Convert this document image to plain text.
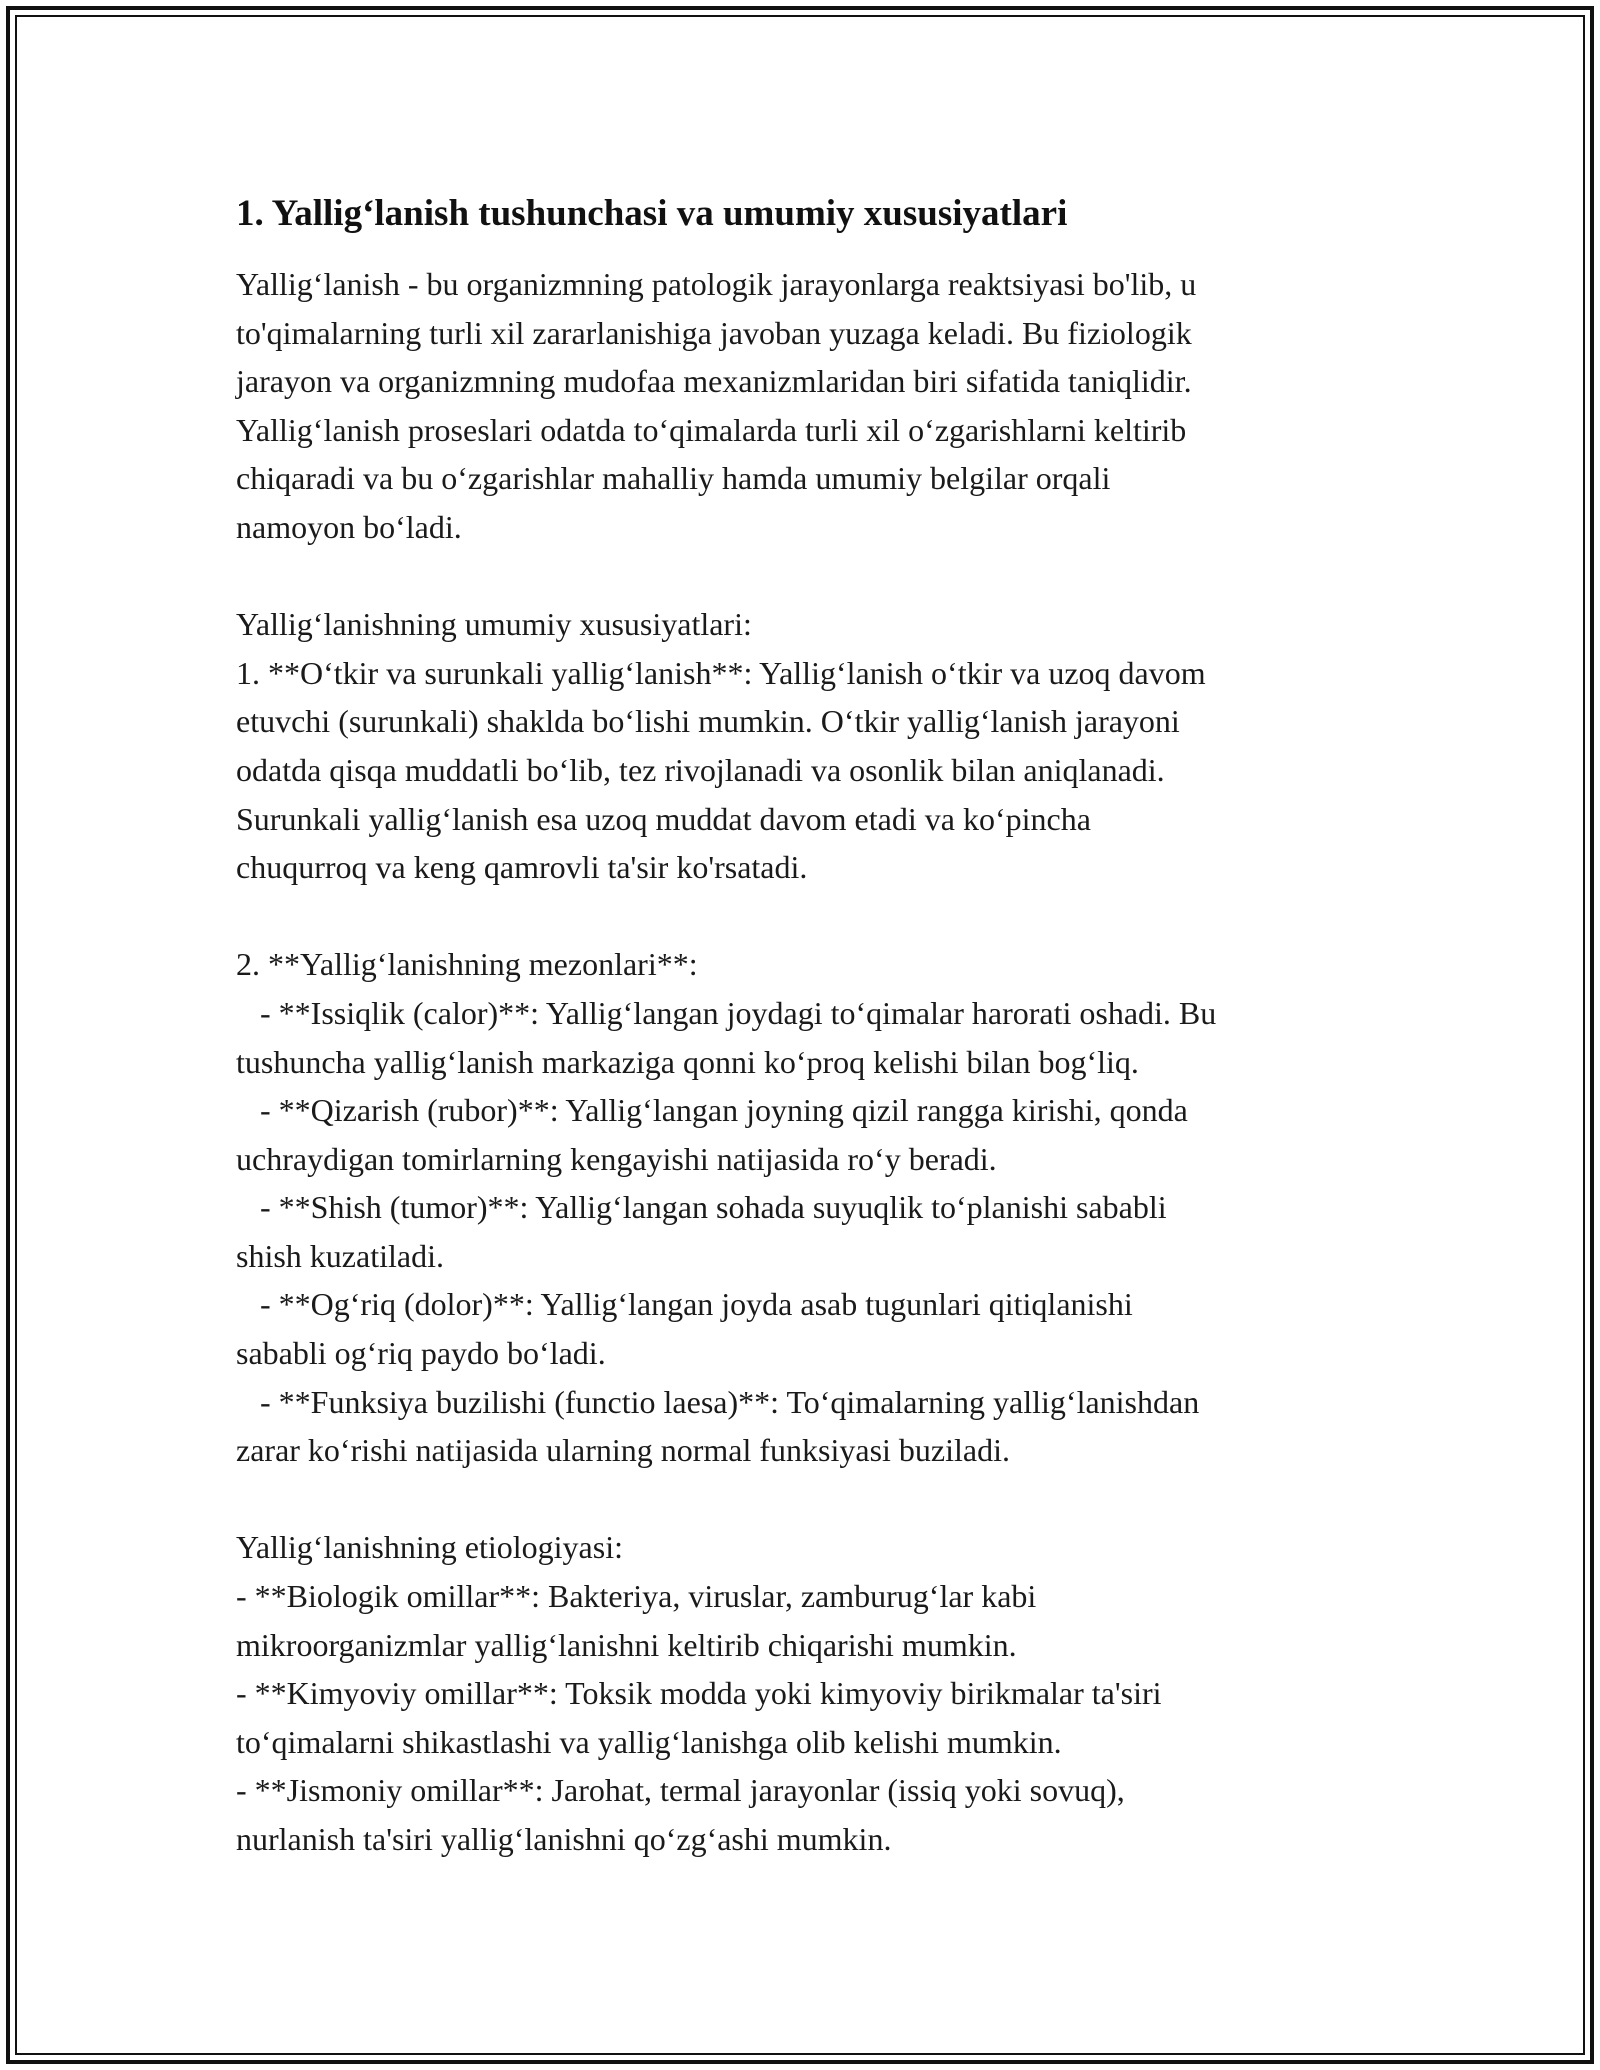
1. Yallig‘lanish tushunchasi va umumiy xususiyatlari
Yallig‘lanish - bu organizmning patologik jarayonlarga reaktsiyasi bo'lib, u
to'qimalarning turli xil zararlanishiga javoban yuzaga keladi. Bu fiziologik
jarayon va organizmning mudofaa mexanizmlaridan biri sifatida taniqlidir.
Yallig‘lanish proseslari odatda to‘qimalarda turli xil o‘zgarishlarni keltirib
chiqaradi va bu o‘zgarishlar mahalliy hamda umumiy belgilar orqali
namoyon bo‘ladi.
Yallig‘lanishning umumiy xususiyatlari:
1. **O‘tkir va surunkali yallig‘lanish**: Yallig‘lanish o‘tkir va uzoq davom
etuvchi (surunkali) shaklda bo‘lishi mumkin. O‘tkir yallig‘lanish jarayoni
odatda qisqa muddatli bo‘lib, tez rivojlanadi va osonlik bilan aniqlanadi.
Surunkali yallig‘lanish esa uzoq muddat davom etadi va ko‘pincha
chuqurroq va keng qamrovli ta'sir ko'rsatadi.
2. **Yallig‘lanishning mezonlari**:
- **Issiqlik (calor)**: Yallig‘langan joydagi to‘qimalar harorati oshadi. Bu
tushuncha yallig‘lanish markaziga qonni ko‘proq kelishi bilan bog‘liq.
- **Qizarish (rubor)**: Yallig‘langan joyning qizil rangga kirishi, qonda
uchraydigan tomirlarning kengayishi natijasida ro‘y beradi.
- **Shish (tumor)**: Yallig‘langan sohada suyuqlik to‘planishi sababli
shish kuzatiladi.
- **Og‘riq (dolor)**: Yallig‘langan joyda asab tugunlari qitiqlanishi
sababli og‘riq paydo bo‘ladi.
- **Funksiya buzilishi (functio laesa)**: To‘qimalarning yallig‘lanishdan
zarar ko‘rishi natijasida ularning normal funksiyasi buziladi.
Yallig‘lanishning etiologiyasi:
- **Biologik omillar**: Bakteriya, viruslar, zamburug‘lar kabi
mikroorganizmlar yallig‘lanishni keltirib chiqarishi mumkin.
- **Kimyoviy omillar**: Toksik modda yoki kimyoviy birikmalar ta'siri
to‘qimalarni shikastlashi va yallig‘lanishga olib kelishi mumkin.
- **Jismoniy omillar**: Jarohat, termal jarayonlar (issiq yoki sovuq),
nurlanish ta'siri yallig‘lanishni qo‘zg‘ashi mumkin.
